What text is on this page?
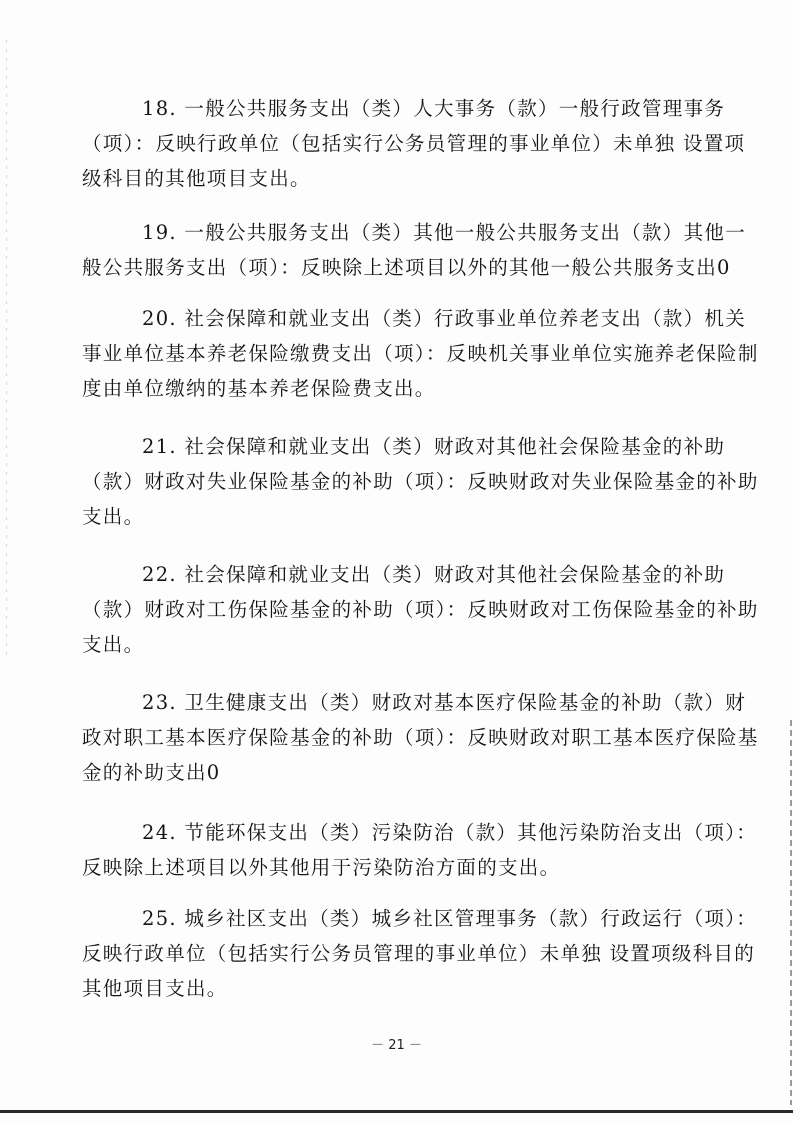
18. 一般公共服务支出（类）人大事务（款）一般行政管理事务（项）：反映行政单位（包括实行公务员管理的事业单位）未单独 设置项级科目的其他项目支出。

19. 一般公共服务支出（类）其他一般公共服务支出（款）其他一般公共服务支出（项）：反映除上述项目以外的其他一般公共服务支出0

20. 社会保障和就业支出（类）行政事业单位养老支出（款）机关事业单位基本养老保险缴费支出（项）：反映机关事业单位实施养老保险制度由单位缴纳的基本养老保险费支出。

21. 社会保障和就业支出（类）财政对其他社会保险基金的补助（款）财政对失业保险基金的补助（项）：反映财政对失业保险基金的补助支出。

22. 社会保障和就业支出（类）财政对其他社会保险基金的补助（款）财政对工伤保险基金的补助（项）：反映财政对工伤保险基金的补助支出。

23. 卫生健康支出（类）财政对基本医疗保险基金的补助（款）财政对职工基本医疗保险基金的补助（项）：反映财政对职工基本医疗保险基金的补助支出0

24. 节能环保支出（类）污染防治（款）其他污染防治支出（项）：反映除上述项目以外其他用于污染防治方面的支出。

25. 城乡社区支出（类）城乡社区管理事务（款）行政运行（项）：反映行政单位（包括实行公务员管理的事业单位）未单独 设置项级科目的其他项目支出。

－ 21 －
